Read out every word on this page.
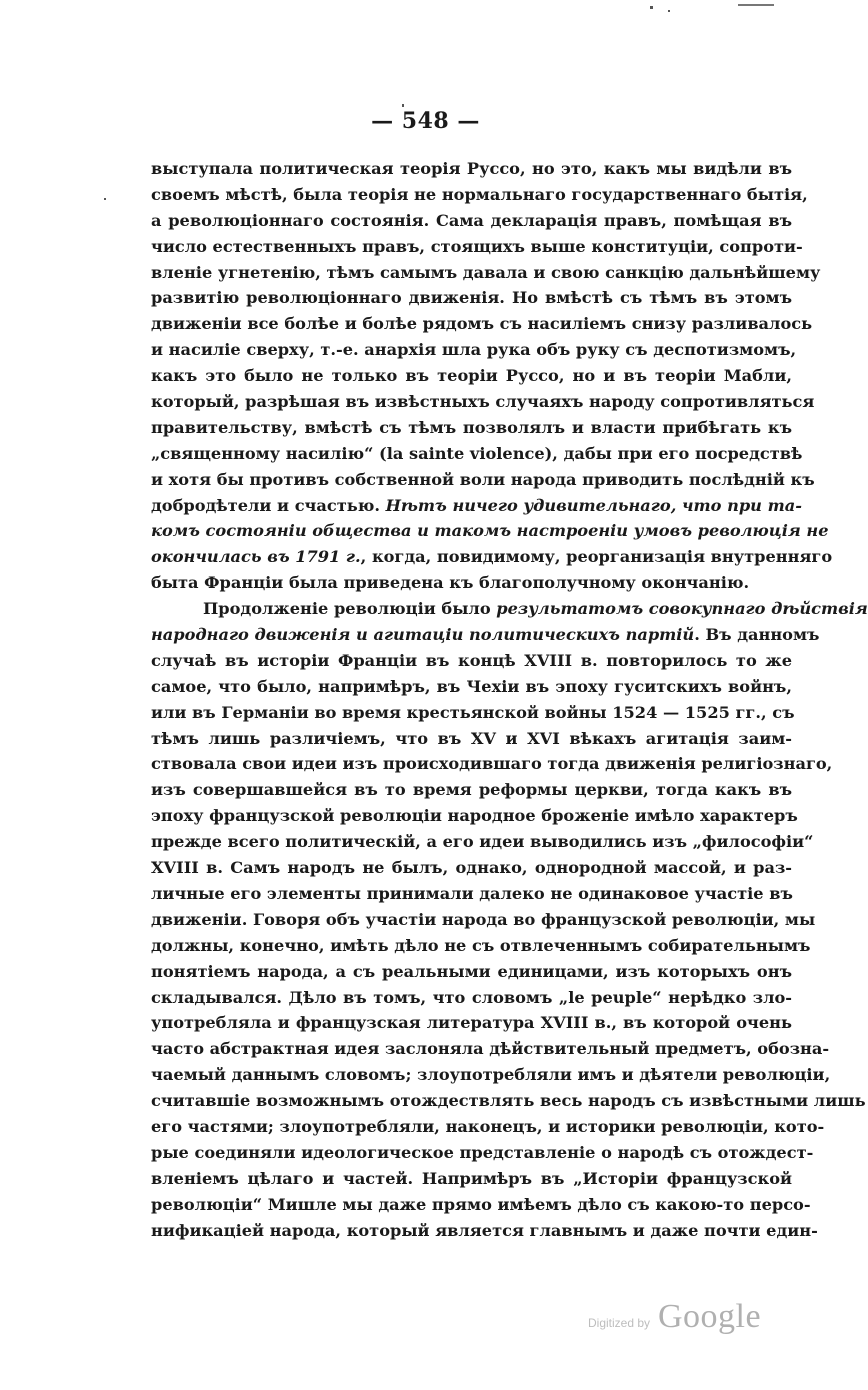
— 548 —
выступала политическая теорія Руссо, но это, какъ мы видѣли въ
своемъ мѣстѣ, была теорія не нормальнаго государственнаго бытія,
а революціоннаго состоянія. Сама декларація правъ, помѣщая въ
число естественныхъ правъ, стоящихъ выше конституціи, сопроти-
вленіе угнетенію, тѣмъ самымъ давала и свою санкцію дальнѣйшему
развитію революціоннаго движенія. Но вмѣстѣ съ тѣмъ въ этомъ
движеніи все болѣе и болѣе рядомъ съ насиліемъ снизу разливалось
и насиліе сверху, т.-е. анархія шла рука объ руку съ деспотизмомъ,
какъ это было не только въ теоріи Руссо, но и въ теоріи Мабли,
который, разрѣшая въ извѣстныхъ случаяхъ народу сопротивляться
правительству, вмѣстѣ съ тѣмъ позволялъ и власти прибѣгать къ
„священному насилію“ (la sainte violence), дабы при его посредствѣ
и хотя бы противъ собственной воли народа приводить послѣдній къ
добродѣтели и счастью. Нѣтъ ничего удивительнаго, что при та-
комъ состояніи общества и такомъ настроеніи умовъ революція не
окончилась въ 1791 г., когда, повидимому, реорганизація внутренняго
быта Франціи была приведена къ благополучному окончанію.
Продолженіе революціи было результатомъ совокупнаго дѣйствія
народнаго движенія и агитаціи политическихъ партій. Въ данномъ
случаѣ въ исторіи Франціи въ концѣ XVIII в. повторилось то же
самое, что было, напримѣръ, въ Чехіи въ эпоху гуситскихъ войнъ,
или въ Германіи во время крестьянской войны 1524 — 1525 гг., съ
тѣмъ лишь различіемъ, что въ XV и XVI вѣкахъ агитація заим-
ствовала свои идеи изъ происходившаго тогда движенія религіознаго,
изъ совершавшейся въ то время реформы церкви, тогда какъ въ
эпоху французской революціи народное броженіе имѣло характеръ
прежде всего политическій, а его идеи выводились изъ „философіи“
XVIII в. Самъ народъ не былъ, однако, однородной массой, и раз-
личные его элементы принимали далеко не одинаковое участіе въ
движеніи. Говоря объ участіи народа во французской революціи, мы
должны, конечно, имѣть дѣло не съ отвлеченнымъ собирательнымъ
понятіемъ народа, а съ реальными единицами, изъ которыхъ онъ
складывался. Дѣло въ томъ, что словомъ „le peuple“ нерѣдко зло-
употребляла и французская литература XVIII в., въ которой очень
часто абстрактная идея заслоняла дѣйствительный предметъ, обозна-
чаемый даннымъ словомъ; злоупотребляли имъ и дѣятели революціи,
считавшіе возможнымъ отождествлять весь народъ съ извѣстными лишь
его частями; злоупотребляли, наконецъ, и историки революціи, кото-
рые соединяли идеологическое представленіе о народѣ съ отождест-
вленіемъ цѣлаго и частей. Напримѣръ въ „Исторіи французской
революціи“ Мишле мы даже прямо имѣемъ дѣло съ какою-то персо-
нификаціей народа, который является главнымъ и даже почти един-
Digitized by Google
